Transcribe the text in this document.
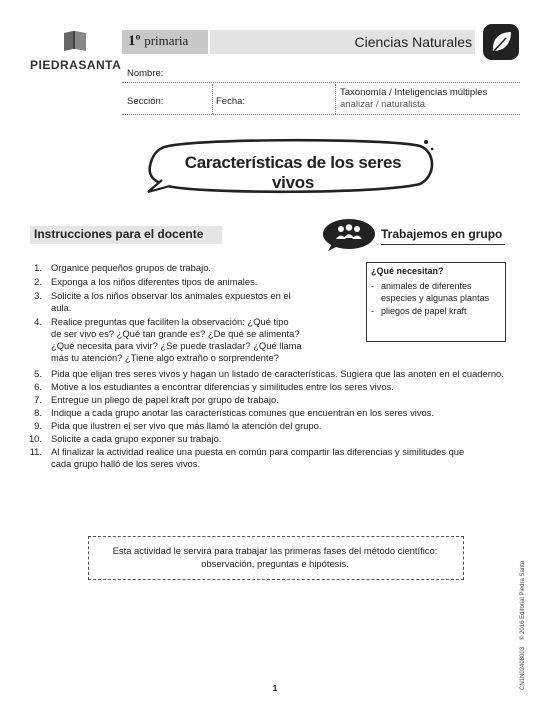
PIEDRASANTA
1º primaria	Ciencias Naturales
Nombre:
Sección:	Fecha:
Taxonomía / Inteligencias múltiples
analizar / naturalista
Características de los seres vivos
Instrucciones para el docente	Trabajemos en grupo
¿Qué necesitan?
- animales de diferentes
especies y algunas plantas
- pliegos de papel kraft
1. Organice pequeños grupos de trabajo.
2. Exponga a los niños diferentes tipos de animales.
3. Solicite a los niños observar los animales expuestos en el
aula.
4. Realice preguntas que faciliten la observación: ¿Qué tipo
de ser vivo es? ¿Qué tan grande es? ¿De qué se alimenta?
¿Qué necesita para vivir? ¿Se puede trasladar? ¿Qué llama
más tu atención? ¿Tiene algo extraño o sorprendente?
5. Pida que elijan tres seres vivos y hagan un listado de características. Sugiera que las anoten en el cuaderno.
6. Motive a los estudiantes a encontrar diferencias y similitudes entre los seres vivos.
7. Entregue un pliego de papel kraft por grupo de trabajo.
8. Indique a cada grupo anotar las características comunes que encuentran en los seres vivos.
9. Pida que ilustren el ser vivo que más llamó la atención del grupo.
10. Solicite a cada grupo exponer su trabajo.
11. Al finalizar la actividad realice una puesta en común para compartir las diferencias y similitudes que
cada grupo halló de los seres vivos.
Esta actividad le servirá para trabajar las primeras fases del método científico:
observación, preguntas e hipótesis.
1
© 2016 Editorial Piedra Santa
CN1N02408003
